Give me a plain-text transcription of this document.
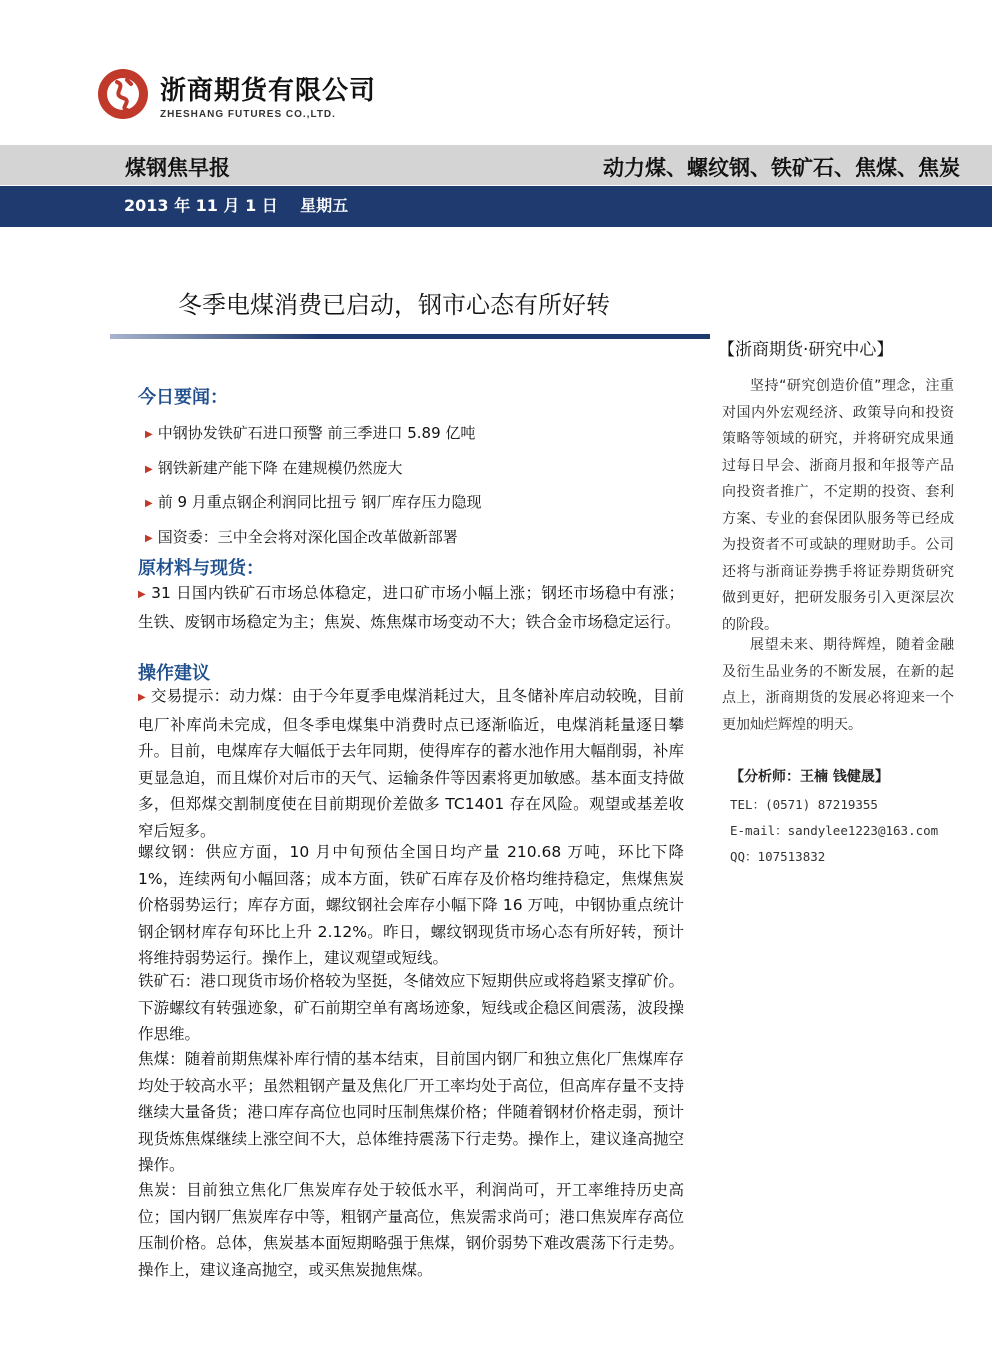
浙商期货有限公司
ZHESHANG FUTURES CO.,LTD.
煤钢焦早报	动力煤、螺纹钢、铁矿石、焦煤、焦炭
2013 年 11 月 1 日    星期五
冬季电煤消费已启动，钢市心态有所好转
【浙商期货·研究中心】
坚持“研究创造价值”理念，注重对国内外宏观经济、政策导向和投资策略等领域的研究，并将研究成果通过每日早会、浙商月报和年报等产品向投资者推广，不定期的投资、套利方案、专业的套保团队服务等已经成为投资者不可或缺的理财助手。公司还将与浙商证券携手将证券期货研究做到更好，把研发服务引入更深层次的阶段。
展望未来、期待辉煌，随着金融及衍生品业务的不断发展，在新的起点上，浙商期货的发展必将迎来一个更加灿烂辉煌的明天。
【分析师：王楠 钱健晟】
TEL：(0571) 87219355
E-mail：sandylee1223@163.com
QQ：107513832
今日要闻：
▶ 中钢协发铁矿石进口预警 前三季进口 5.89 亿吨
▶ 钢铁新建产能下降 在建规模仍然庞大
▶ 前 9 月重点钢企利润同比扭亏 钢厂库存压力隐现
▶ 国资委：三中全会将对深化国企改革做新部署
原材料与现货：
▶ 31 日国内铁矿石市场总体稳定，进口矿市场小幅上涨；钢坯市场稳中有涨；生铁、废钢市场稳定为主；焦炭、炼焦煤市场变动不大；铁合金市场稳定运行。
操作建议
▶ 交易提示：动力煤：由于今年夏季电煤消耗过大，且冬储补库启动较晚，目前电厂补库尚未完成，但冬季电煤集中消费时点已逐渐临近，电煤消耗量逐日攀升。目前，电煤库存大幅低于去年同期，使得库存的蓄水池作用大幅削弱，补库更显急迫，而且煤价对后市的天气、运输条件等因素将更加敏感。基本面支持做多，但郑煤交割制度使在目前期现价差做多 TC1401 存在风险。观望或基差收窄后短多。
螺纹钢：供应方面，10 月中旬预估全国日均产量 210.68 万吨，环比下降 1%，连续两旬小幅回落；成本方面，铁矿石库存及价格均维持稳定，焦煤焦炭价格弱势运行；库存方面，螺纹钢社会库存小幅下降 16 万吨，中钢协重点统计钢企钢材库存旬环比上升 2.12%。昨日，螺纹钢现货市场心态有所好转，预计将维持弱势运行。操作上，建议观望或短线。
铁矿石：港口现货市场价格较为坚挺，冬储效应下短期供应或将趋紧支撑矿价。下游螺纹有转强迹象，矿石前期空单有离场迹象，短线或企稳区间震荡，波段操作思维。
焦煤：随着前期焦煤补库行情的基本结束，目前国内钢厂和独立焦化厂焦煤库存均处于较高水平；虽然粗钢产量及焦化厂开工率均处于高位，但高库存量不支持继续大量备货；港口库存高位也同时压制焦煤价格；伴随着钢材价格走弱，预计现货炼焦煤继续上涨空间不大，总体维持震荡下行走势。操作上，建议逢高抛空操作。
焦炭：目前独立焦化厂焦炭库存处于较低水平，利润尚可，开工率维持历史高位；国内钢厂焦炭库存中等，粗钢产量高位，焦炭需求尚可；港口焦炭库存高位压制价格。总体，焦炭基本面短期略强于焦煤，钢价弱势下难改震荡下行走势。操作上，建议逢高抛空，或买焦炭抛焦煤。
